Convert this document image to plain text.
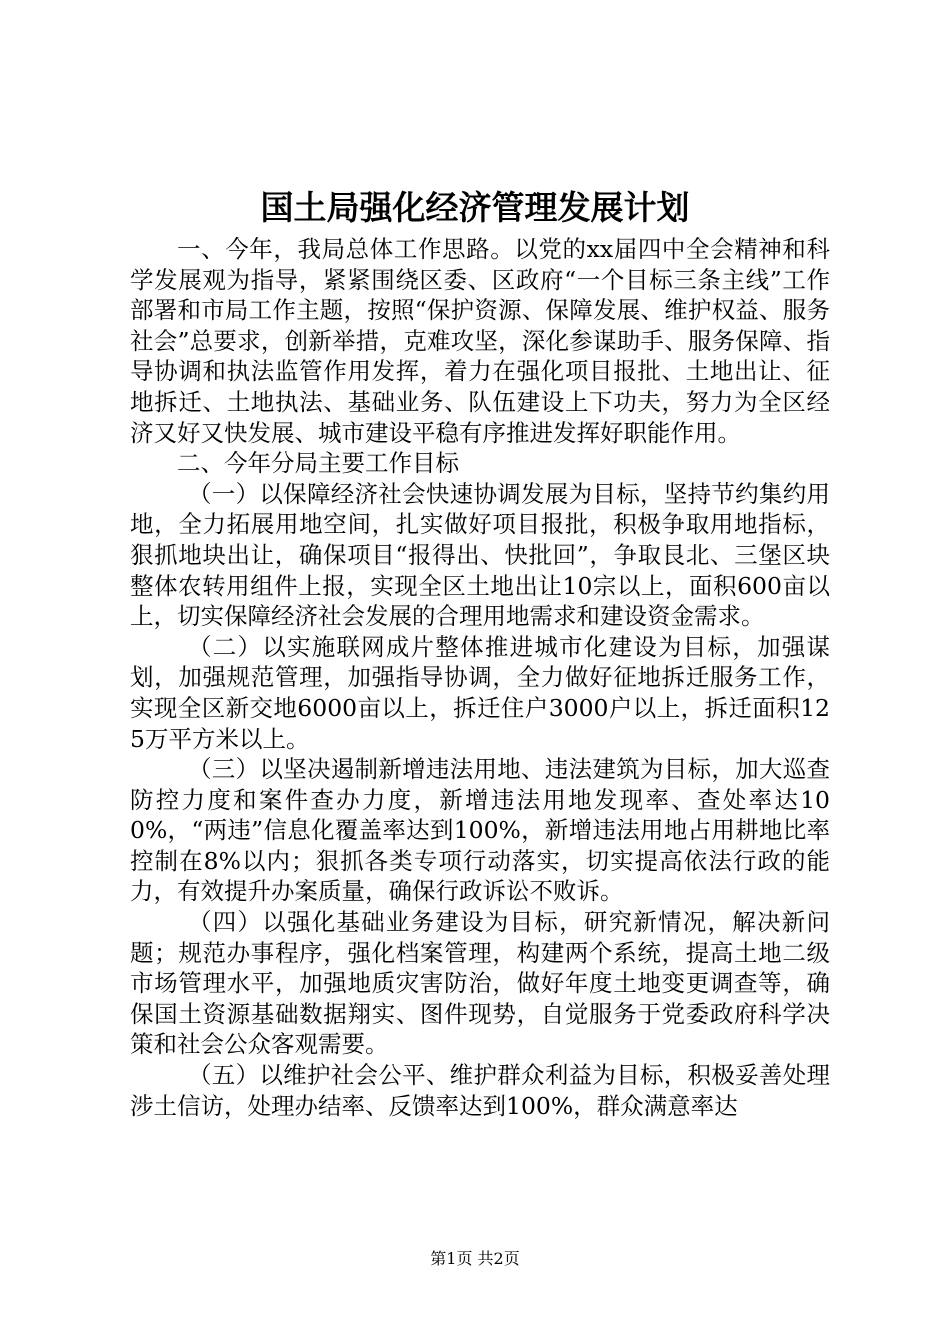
国土局强化经济管理发展计划

一、今年，我局总体工作思路。以党的xx届四中全会精神和科学发展观为指导，紧紧围绕区委、区政府“一个目标三条主线”工作部署和市局工作主题，按照“保护资源、保障发展、维护权益、服务社会”总要求，创新举措，克难攻坚，深化参谋助手、服务保障、指导协调和执法监管作用发挥，着力在强化项目报批、土地出让、征地拆迁、土地执法、基础业务、队伍建设上下功夫，努力为全区经济又好又快发展、城市建设平稳有序推进发挥好职能作用。

二、今年分局主要工作目标

（一）以保障经济社会快速协调发展为目标，坚持节约集约用地，全力拓展用地空间，扎实做好项目报批，积极争取用地指标，狠抓地块出让，确保项目“报得出、快批回”，争取艮北、三堡区块整体农转用组件上报，实现全区土地出让10宗以上，面积600亩以上，切实保障经济社会发展的合理用地需求和建设资金需求。

（二）以实施联网成片整体推进城市化建设为目标，加强谋划，加强规范管理，加强指导协调，全力做好征地拆迁服务工作，实现全区新交地6000亩以上，拆迁住户3000户以上，拆迁面积125万平方米以上。

（三）以坚决遏制新增违法用地、违法建筑为目标，加大巡查防控力度和案件查办力度，新增违法用地发现率、查处率达100%，“两违”信息化覆盖率达到100%，新增违法用地占用耕地比率控制在8%以内；狠抓各类专项行动落实，切实提高依法行政的能力，有效提升办案质量，确保行政诉讼不败诉。

（四）以强化基础业务建设为目标，研究新情况，解决新问题；规范办事程序，强化档案管理，构建两个系统，提高土地二级市场管理水平，加强地质灾害防治，做好年度土地变更调查等，确保国土资源基础数据翔实、图件现势，自觉服务于党委政府科学决策和社会公众客观需要。

（五）以维护社会公平、维护群众利益为目标，积极妥善处理涉土信访，处理办结率、反馈率达到100%，群众满意率达

第1页 共2页
